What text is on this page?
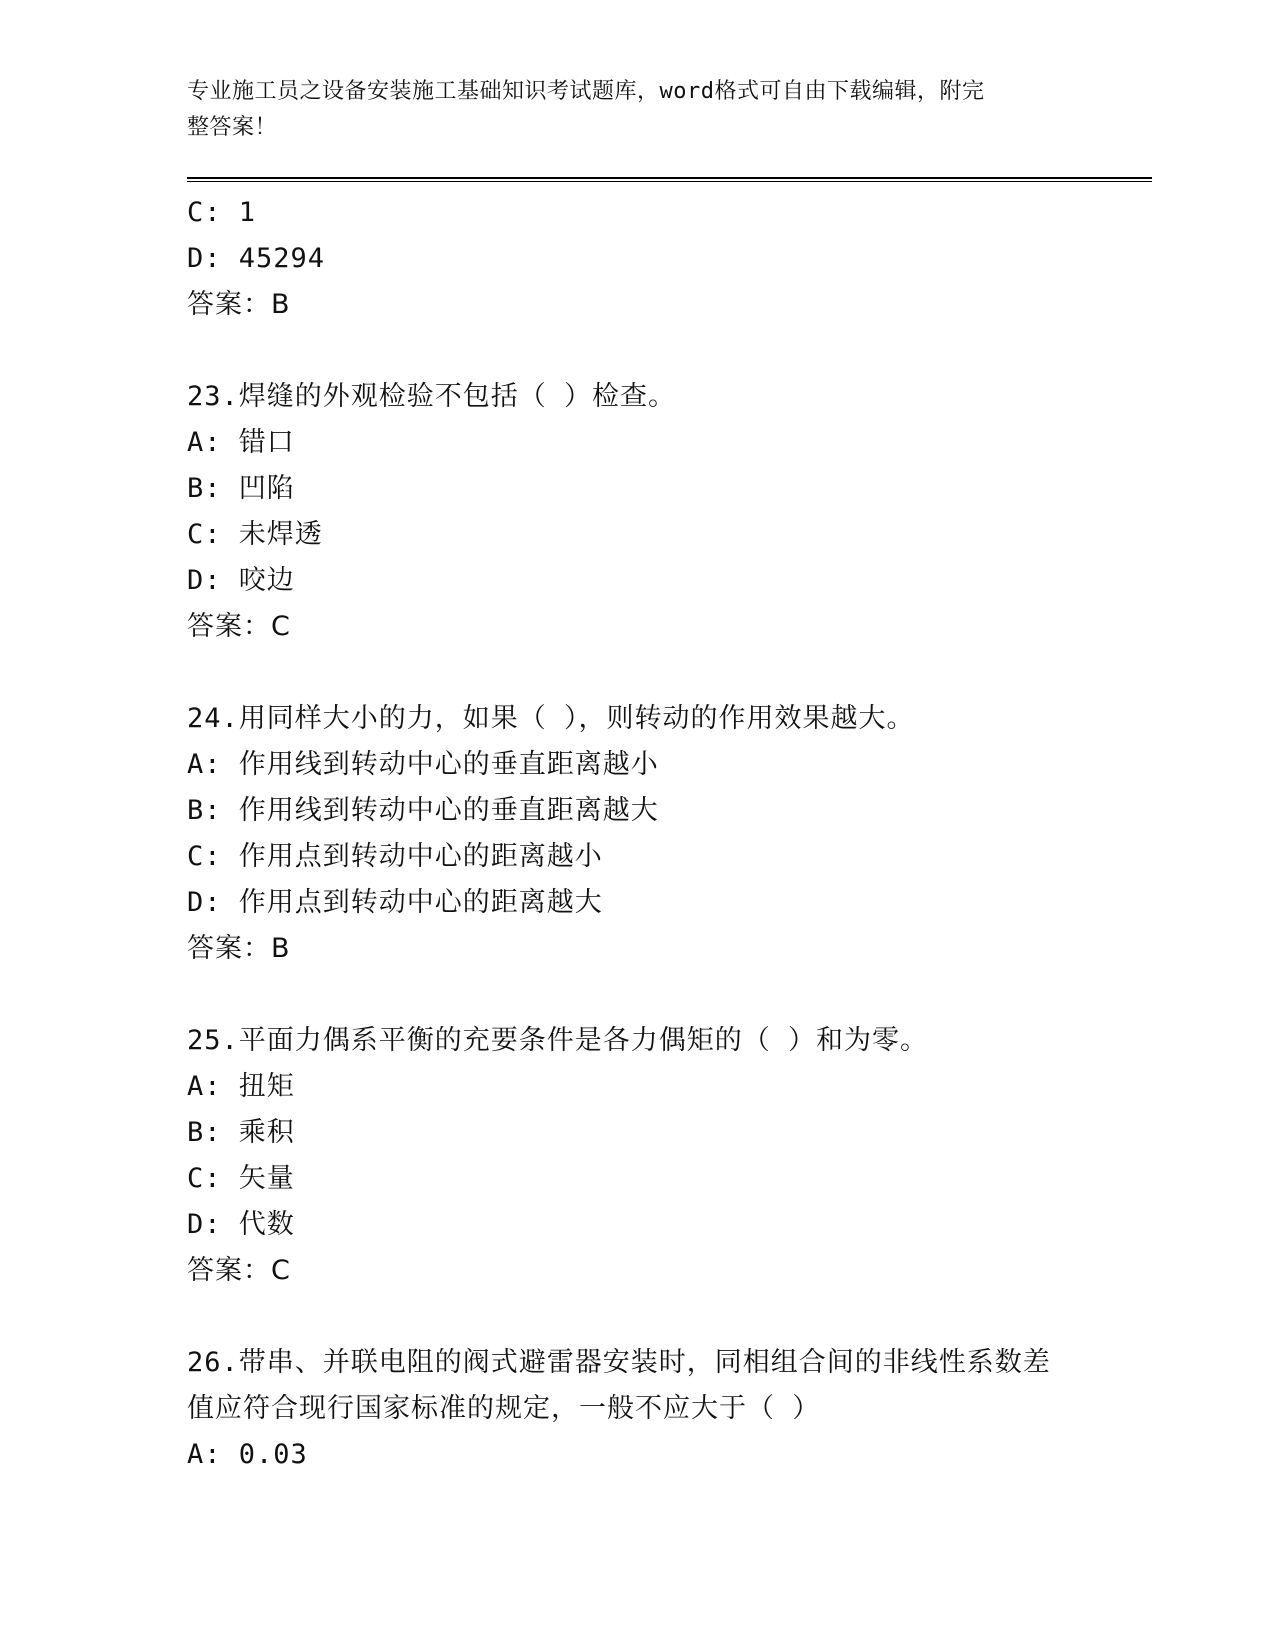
专业施工员之设备安装施工基础知识考试题库，word格式可自由下载编辑，附完
整答案！
C: 1
D: 45294
答案：B
23.焊缝的外观检验不包括（ ）检查。
A: 错口
B: 凹陷
C: 未焊透
D: 咬边
答案：C
24.用同样大小的力，如果（ ），则转动的作用效果越大。
A: 作用线到转动中心的垂直距离越小
B: 作用线到转动中心的垂直距离越大
C: 作用点到转动中心的距离越小
D: 作用点到转动中心的距离越大
答案：B
25.平面力偶系平衡的充要条件是各力偶矩的（ ）和为零。
A: 扭矩
B: 乘积
C: 矢量
D: 代数
答案：C
26.带串、并联电阻的阀式避雷器安装时，同相组合间的非线性系数差
值应符合现行国家标准的规定，一般不应大于（ ）
A: 0.03
